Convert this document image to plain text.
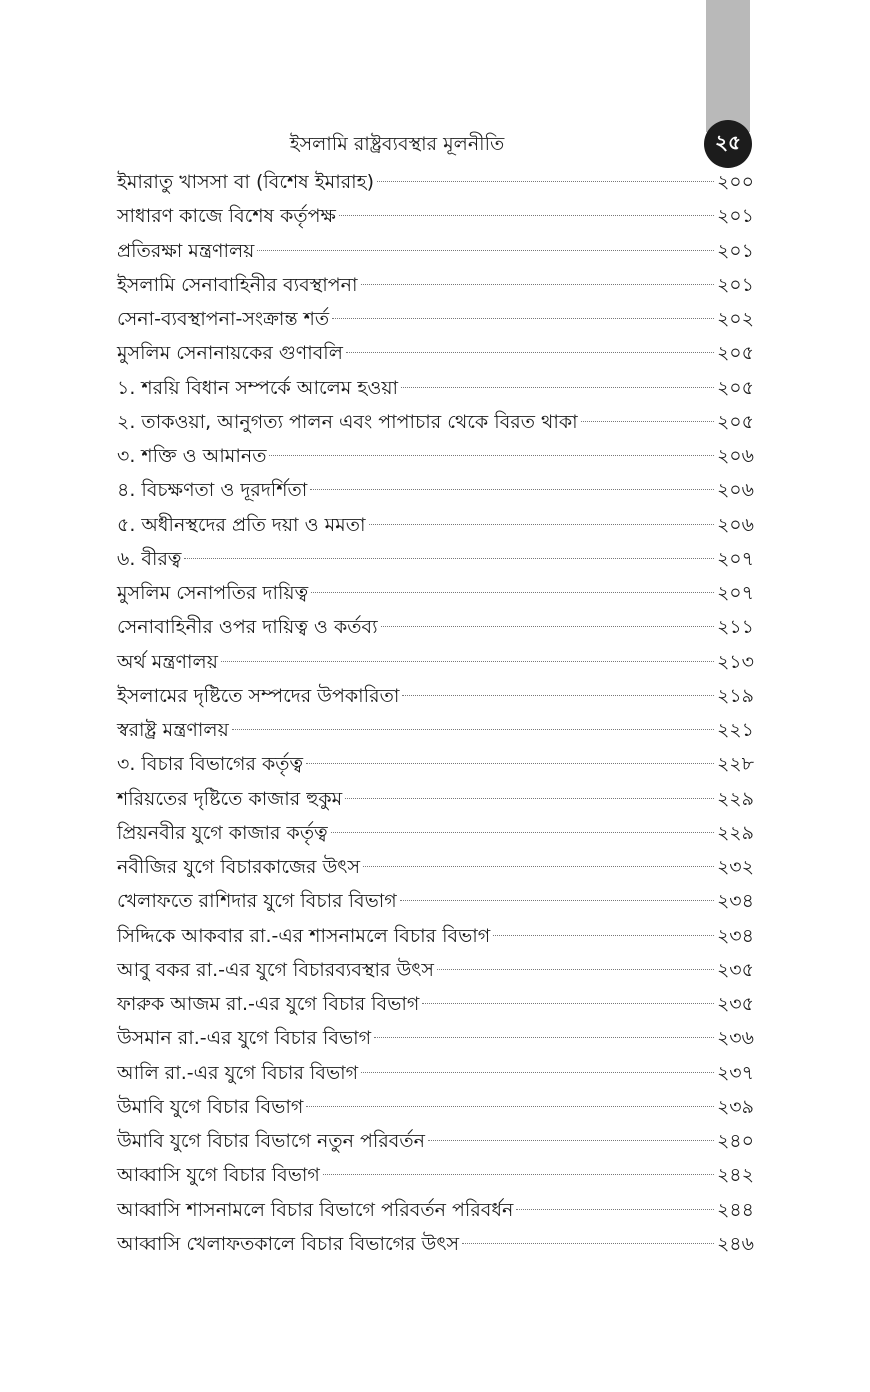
২৫
ইসলামি রাষ্ট্রব্যবস্থার মূলনীতি
ইমারাতু খাসসা বা (বিশেষ ইমারাহ)	২০০
সাধারণ কাজে বিশেষ কর্তৃপক্ষ	২০১
প্রতিরক্ষা মন্ত্রণালয়	২০১
ইসলামি সেনাবাহিনীর ব্যবস্থাপনা	২০১
সেনা-ব্যবস্থাপনা-সংক্রান্ত শর্ত	২০২
মুসলিম সেনানায়কের গুণাবলি	২০৫
১. শরয়ি বিধান সম্পর্কে আলেম হওয়া	২০৫
২. তাকওয়া, আনুগত্য পালন এবং পাপাচার থেকে বিরত থাকা	২০৫
৩. শক্তি ও আমানত	২০৬
৪. বিচক্ষণতা ও দূরদর্শিতা	২০৬
৫. অধীনস্থদের প্রতি দয়া ও মমতা	২০৬
৬. বীরত্ব	২০৭
মুসলিম সেনাপতির দায়িত্ব	২০৭
সেনাবাহিনীর ওপর দায়িত্ব ও কর্তব্য	২১১
অর্থ মন্ত্রণালয়	২১৩
ইসলামের দৃষ্টিতে সম্পদের উপকারিতা	২১৯
স্বরাষ্ট্র মন্ত্রণালয়	২২১
৩. বিচার বিভাগের কর্তৃত্ব	২২৮
শরিয়তের দৃষ্টিতে কাজার হুকুম	২২৯
প্রিয়নবীর যুগে কাজার কর্তৃত্ব	২২৯
নবীজির যুগে বিচারকাজের উৎস	২৩২
খেলাফতে রাশিদার যুগে বিচার বিভাগ	২৩৪
সিদ্দিকে আকবার রা.-এর শাসনামলে বিচার বিভাগ	২৩৪
আবু বকর রা.-এর যুগে বিচারব্যবস্থার উৎস	২৩৫
ফারুক আজম রা.-এর যুগে বিচার বিভাগ	২৩৫
উসমান রা.-এর যুগে বিচার বিভাগ	২৩৬
আলি রা.-এর যুগে বিচার বিভাগ	২৩৭
উমাবি যুগে বিচার বিভাগ	২৩৯
উমাবি যুগে বিচার বিভাগে নতুন পরিবর্তন	২৪০
আব্বাসি যুগে বিচার বিভাগ	২৪২
আব্বাসি শাসনামলে বিচার বিভাগে পরিবর্তন পরিবর্ধন	২৪৪
আব্বাসি খেলাফতকালে বিচার বিভাগের উৎস	২৪৬
